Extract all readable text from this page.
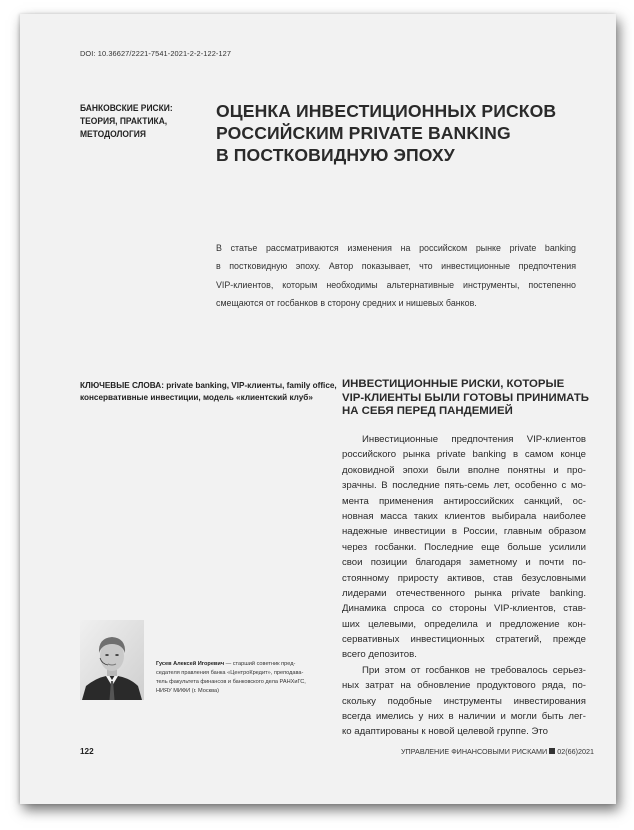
DOI: 10.36627/2221-7541-2021-2-2-122-127
БАНКОВСКИЕ РИСКИ:
ТЕОРИЯ, ПРАКТИКА,
МЕТОДОЛОГИЯ
ОЦЕНКА ИНВЕСТИЦИОННЫХ РИСКОВ
РОССИЙСКИМ PRIVATE BANKING
В ПОСТКОВИДНУЮ ЭПОХУ
В статье рассматриваются изменения на российском рынке private banking
в постковидную эпоху. Автор показывает, что инвестиционные предпочтения
VIP-клиентов, которым необходимы альтернативные инструменты, постепенно
смещаются от госбанков в сторону средних и нишевых банков.
КЛЮЧЕВЫЕ СЛОВА: private banking, VIP-клиенты, family office,
консервативные инвестиции, модель «клиентский клуб»
ИНВЕСТИЦИОННЫЕ РИСКИ, КОТОРЫЕ
VIP-КЛИЕНТЫ БЫЛИ ГОТОВЫ ПРИНИМАТЬ
НА СЕБЯ ПЕРЕД ПАНДЕМИЕЙ
Инвестиционные предпочтения VIP-клиентов
российского рынка private banking в самом конце
доковидной эпохи были вполне понятны и про-
зрачны. В последние пять-семь лет, особенно с мо-
мента применения антироссийских санкций, ос-
новная масса таких клиентов выбирала наиболее
надежные инвестиции в России, главным образом
через госбанки. Последние еще больше усилили
свои позиции благодаря заметному и почти по-
стоянному приросту активов, став безусловными
лидерами отечественного рынка private banking.
Динамика спроса со стороны VIP-клиентов, став-
ших целевыми, определила и предложение кон-
сервативных инвестиционных стратегий, прежде
всего депозитов.
При этом от госбанков не требовалось серьез-
ных затрат на обновление продуктового ряда, по-
скольку подобные инструменты инвестирования
всегда имелись у них в наличии и могли быть лег-
ко адаптированы к новой целевой группе. Это
Гусев Алексей Игоревич — старший советник пред-
седателя правления банка «ЦентроКредит», преподава-
тель факультета финансов и банковского дела РАНХиГС,
НИЯУ МИФИ (г. Москва)
122	УПРАВЛЕНИЕ ФИНАНСОВЫМИ РИСКАМИ 02(66)2021
